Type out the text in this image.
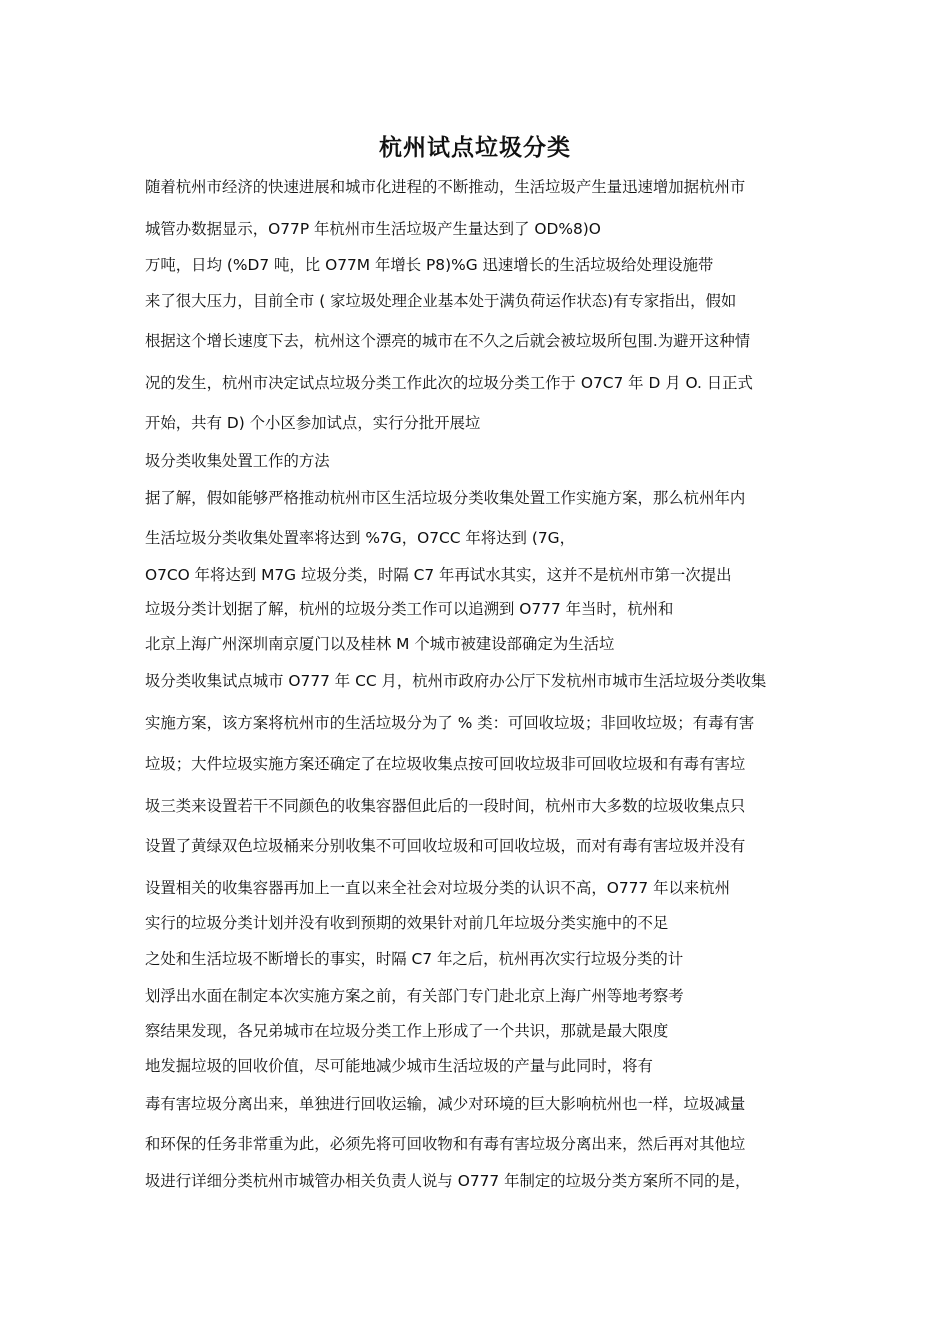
杭州试点垃圾分类
随着杭州市经济的快速进展和城市化进程的不断推动，生活垃圾产生量迅速增加据杭州市
城管办数据显示，O77P 年杭州市生活垃圾产生量达到了 OD%8)O
万吨，日均 (%D7 吨，比 O77M 年增长 P8)%G 迅速增长的生活垃圾给处理设施带
来了很大压力，目前全市 ( 家垃圾处理企业基本处于满负荷运作状态)有专家指出，假如
根据这个增长速度下去，杭州这个漂亮的城市在不久之后就会被垃圾所包围.为避开这种情
况的发生，杭州市决定试点垃圾分类工作此次的垃圾分类工作于 O7C7 年 D 月 O. 日正式
开始，共有 D) 个小区参加试点，实行分批开展垃
圾分类收集处置工作的方法
据了解，假如能够严格推动杭州市区生活垃圾分类收集处置工作实施方案，那么杭州年内
生活垃圾分类收集处置率将达到 %7G，O7CC 年将达到 (7G，
O7CO 年将达到 M7G 垃圾分类，时隔 C7 年再试水其实，这并不是杭州市第一次提出
垃圾分类计划据了解，杭州的垃圾分类工作可以追溯到 O777 年当时，杭州和
北京上海广州深圳南京厦门以及桂林 M 个城市被建设部确定为生活垃
圾分类收集试点城市 O777 年 CC 月，杭州市政府办公厅下发杭州市城市生活垃圾分类收集
实施方案，该方案将杭州市的生活垃圾分为了 % 类：可回收垃圾；非回收垃圾；有毒有害
垃圾；大件垃圾实施方案还确定了在垃圾收集点按可回收垃圾非可回收垃圾和有毒有害垃
圾三类来设置若干不同颜色的收集容器但此后的一段时间，杭州市大多数的垃圾收集点只
设置了黄绿双色垃圾桶来分别收集不可回收垃圾和可回收垃圾，而对有毒有害垃圾并没有
设置相关的收集容器再加上一直以来全社会对垃圾分类的认识不高，O777 年以来杭州
实行的垃圾分类计划并没有收到预期的效果针对前几年垃圾分类实施中的不足
之处和生活垃圾不断增长的事实，时隔 C7 年之后，杭州再次实行垃圾分类的计
划浮出水面在制定本次实施方案之前，有关部门专门赴北京上海广州等地考察考
察结果发现，各兄弟城市在垃圾分类工作上形成了一个共识，那就是最大限度
地发掘垃圾的回收价值，尽可能地减少城市生活垃圾的产量与此同时，将有
毒有害垃圾分离出来，单独进行回收运输，减少对环境的巨大影响杭州也一样，垃圾减量
和环保的任务非常重为此，必须先将可回收物和有毒有害垃圾分离出来，然后再对其他垃
圾进行详细分类杭州市城管办相关负责人说与 O777 年制定的垃圾分类方案所不同的是，
